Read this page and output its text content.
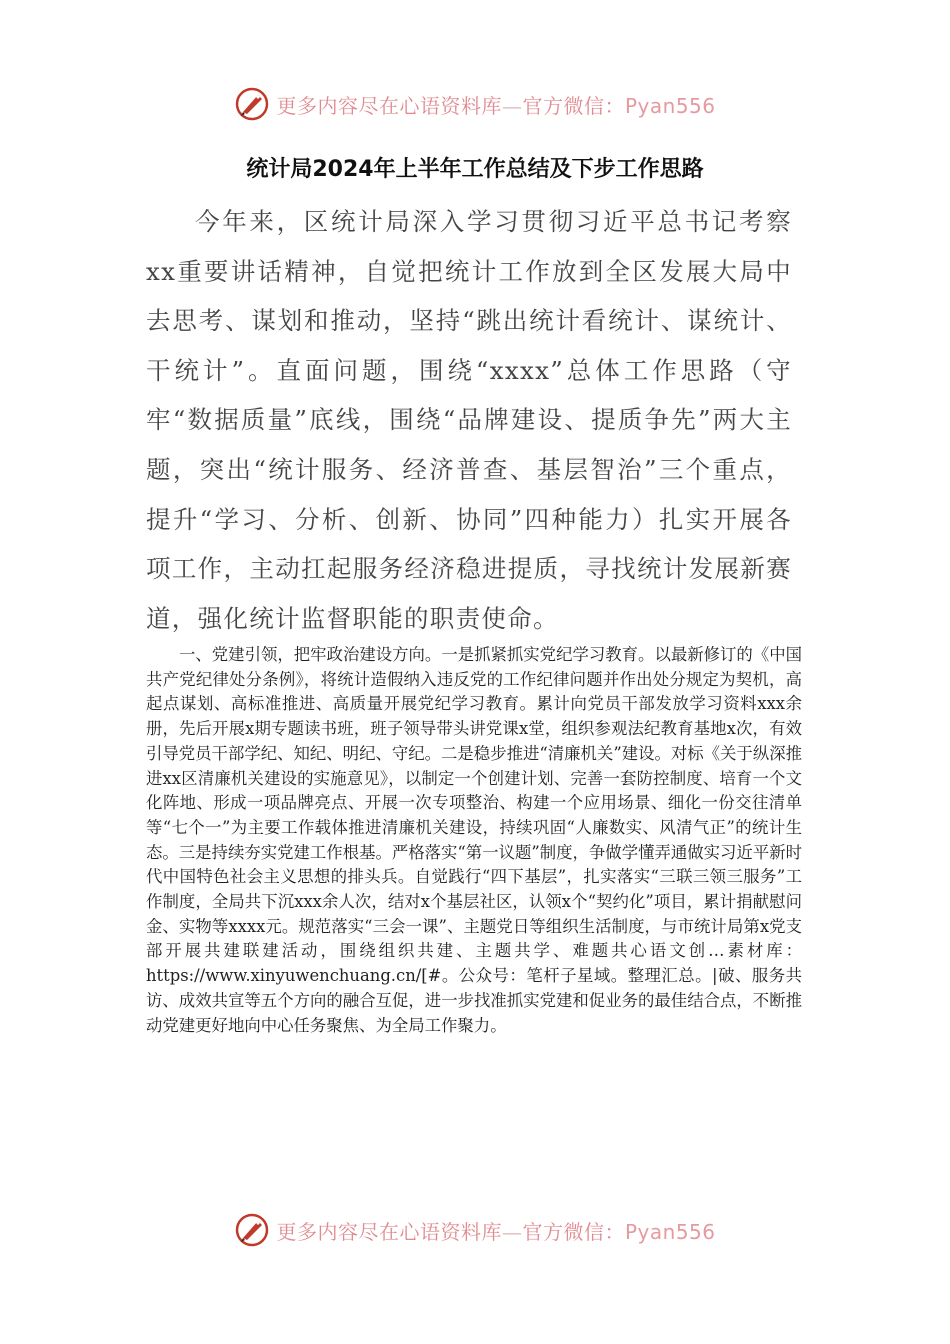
更多内容尽在心语资料库—官方微信：Pyan556
统计局2024年上半年工作总结及下步工作思路

今年来，区统计局深入学习贯彻习近平总书记考察xx重要讲话精神，自觉把统计工作放到全区发展大局中去思考、谋划和推动，坚持“跳出统计看统计、谋统计、干统计”。直面问题，围绕“xxxx”总体工作思路（守牢“数据质量”底线，围绕“品牌建设、提质争先”两大主题，突出“统计服务、经济普查、基层智治”三个重点，提升“学习、分析、创新、协同”四种能力）扎实开展各项工作，主动扛起服务经济稳进提质，寻找统计发展新赛道，强化统计监督职能的职责使命。

一、党建引领，把牢政治建设方向。一是抓紧抓实党纪学习教育。以最新修订的《中国共产党纪律处分条例》，将统计造假纳入违反党的工作纪律问题并作出处分规定为契机，高起点谋划、高标准推进、高质量开展党纪学习教育。累计向党员干部发放学习资料xxx余册，先后开展x期专题读书班，班子领导带头讲党课x堂，组织参观法纪教育基地x次，有效引导党员干部学纪、知纪、明纪、守纪。二是稳步推进“清廉机关”建设。对标《关于纵深推进xx区清廉机关建设的实施意见》，以制定一个创建计划、完善一套防控制度、培育一个文化阵地、形成一项品牌亮点、开展一次专项整治、构建一个应用场景、细化一份交往清单等“七个一”为主要工作载体推进清廉机关建设，持续巩固“人廉数实、风清气正”的统计生态。三是持续夯实党建工作根基。严格落实“第一议题”制度，争做学懂弄通做实习近平新时代中国特色社会主义思想的排头兵。自觉践行“四下基层”，扎实落实“三联三领三服务”工作制度，全局共下沉xxx余人次，结对x个基层社区，认领x个“契约化”项目，累计捐献慰问金、实物等xxxx元。规范落实“三会一课”、主题党日等组织生活制度，与市统计局第x党支部开展共建联建活动，围绕组织共建、主题共学、难题共心语文创…素材库：https://www.xinyuwenchuang.cn/[#。公众号：笔杆子星域。整理汇总。|破、服务共访、成效共宣等五个方向的融合互促，进一步找准抓实党建和促业务的最佳结合点，不断推动党建更好地向中心任务聚焦、为全局工作聚力。

更多内容尽在心语资料库—官方微信：Pyan556
